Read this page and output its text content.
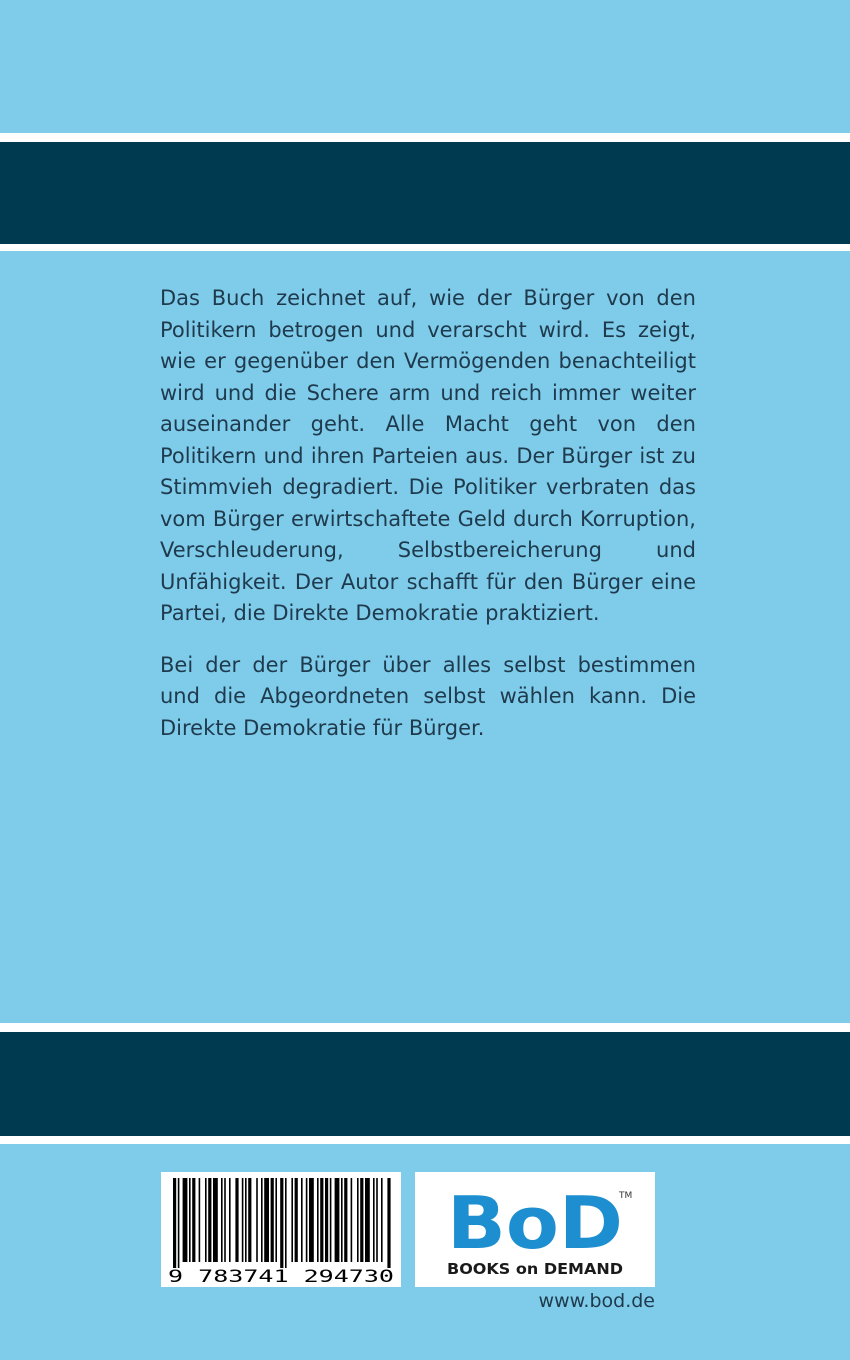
Das Buch zeichnet auf, wie der Bürger von den Politikern betrogen und verarscht wird. Es zeigt, wie er gegenüber den Vermögenden benachteiligt wird und die Schere arm und reich immer weiter auseinander geht. Alle Macht geht von den Politikern und ihren Parteien aus. Der Bürger ist zu Stimmvieh degradiert. Die Politiker verbraten das vom Bürger erwirtschaftete Geld durch Korruption, Verschleuderung, Selbstbereicherung und Unfähigkeit. Der Autor schafft für den Bürger eine Partei, die Direkte Demokratie praktiziert.

Bei der der Bürger über alles selbst bestimmen und die Abgeordneten selbst wählen kann. Die Direkte Demokratie für Bürger.

9 783741 294730
BoD
TM
BOOKS on DEMAND
www.bod.de
